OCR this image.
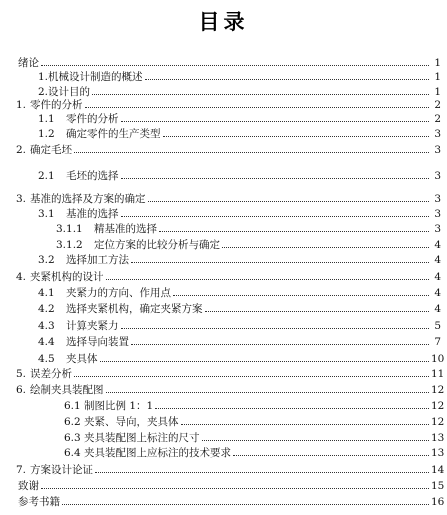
目录
绪论	1
1.机械设计制造的概述	1
2.设计目的	1
1. 零件的分析	2
1.1 零件的分析	2
1.2 确定零件的生产类型	3
2. 确定毛坯	3
2.1 毛坯的选择	3
3. 基准的选择及方案的确定	3
3.1 基准的选择	3
3.1.1 精基准的选择	3
3.1.2 定位方案的比较分析与确定	4
3.2 选择加工方法	4
4. 夹紧机构的设计	4
4.1 夹紧力的方向、作用点	4
4.2 选择夹紧机构，确定夹紧方案	4
4.3 计算夹紧力	5
4.4 选择导向装置	7
4.5 夹具体	10
5. 误差分析	11
6. 绘制夹具装配图	12
6.1 制图比例 1：1	12
6.2 夹紧、导向，夹具体	12
6.3 夹具装配图上标注的尺寸	13
6.4 夹具装配图上应标注的技术要求	13
7. 方案设计论证	14
致谢	15
参考书籍	16
